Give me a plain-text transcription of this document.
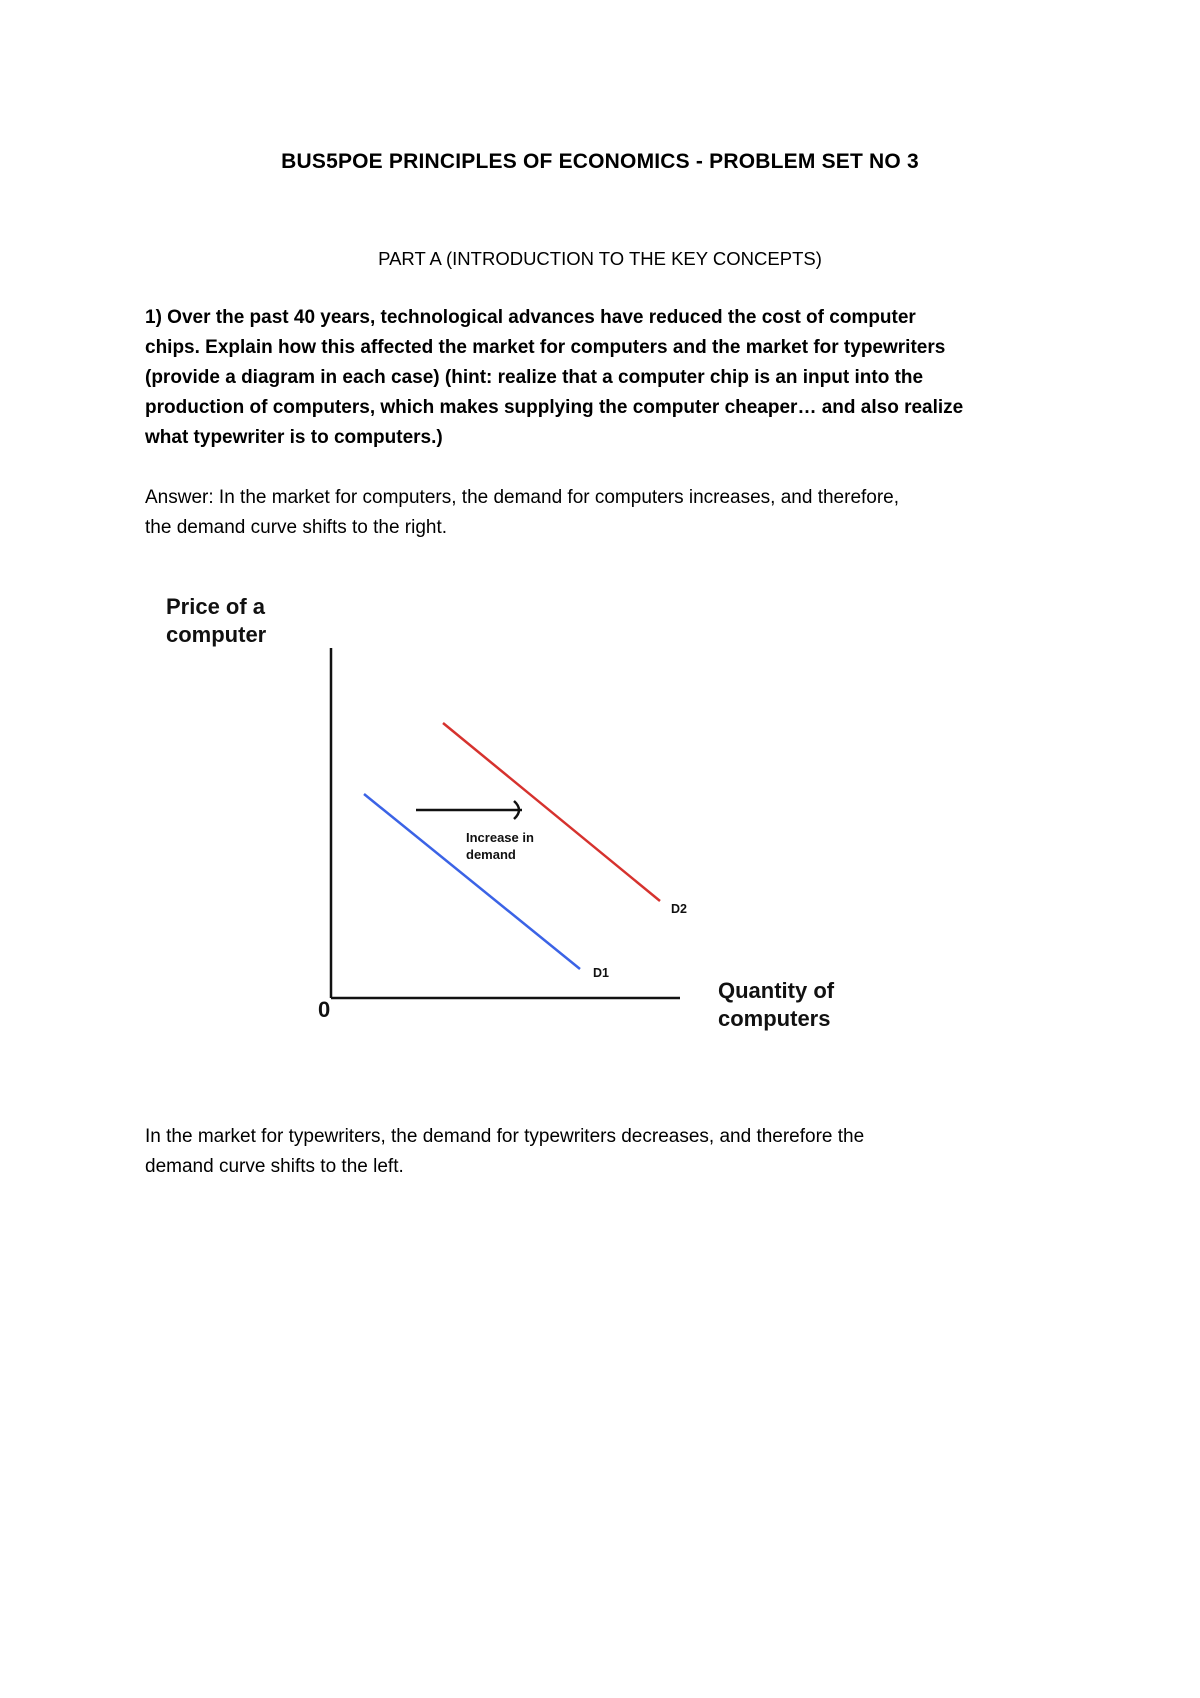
BUS5POE PRINCIPLES OF ECONOMICS - PROBLEM SET NO 3
PART A (INTRODUCTION TO THE KEY CONCEPTS)
1) Over the past 40 years, technological advances have reduced the cost of computer
chips. Explain how this affected the market for computers and the market for typewriters
(provide a diagram in each case) (hint: realize that a computer chip is an input into the
production of computers, which makes supplying the computer cheaper… and also realize
what typewriter is to computers.)
Answer: In the market for computers, the demand for computers increases, and therefore,
the demand curve shifts to the right.
Price of a
computer
Quantity of
computers
0
Increase in
demand
D1
D2
In the market for typewriters, the demand for typewriters decreases, and therefore the
demand curve shifts to the left.
